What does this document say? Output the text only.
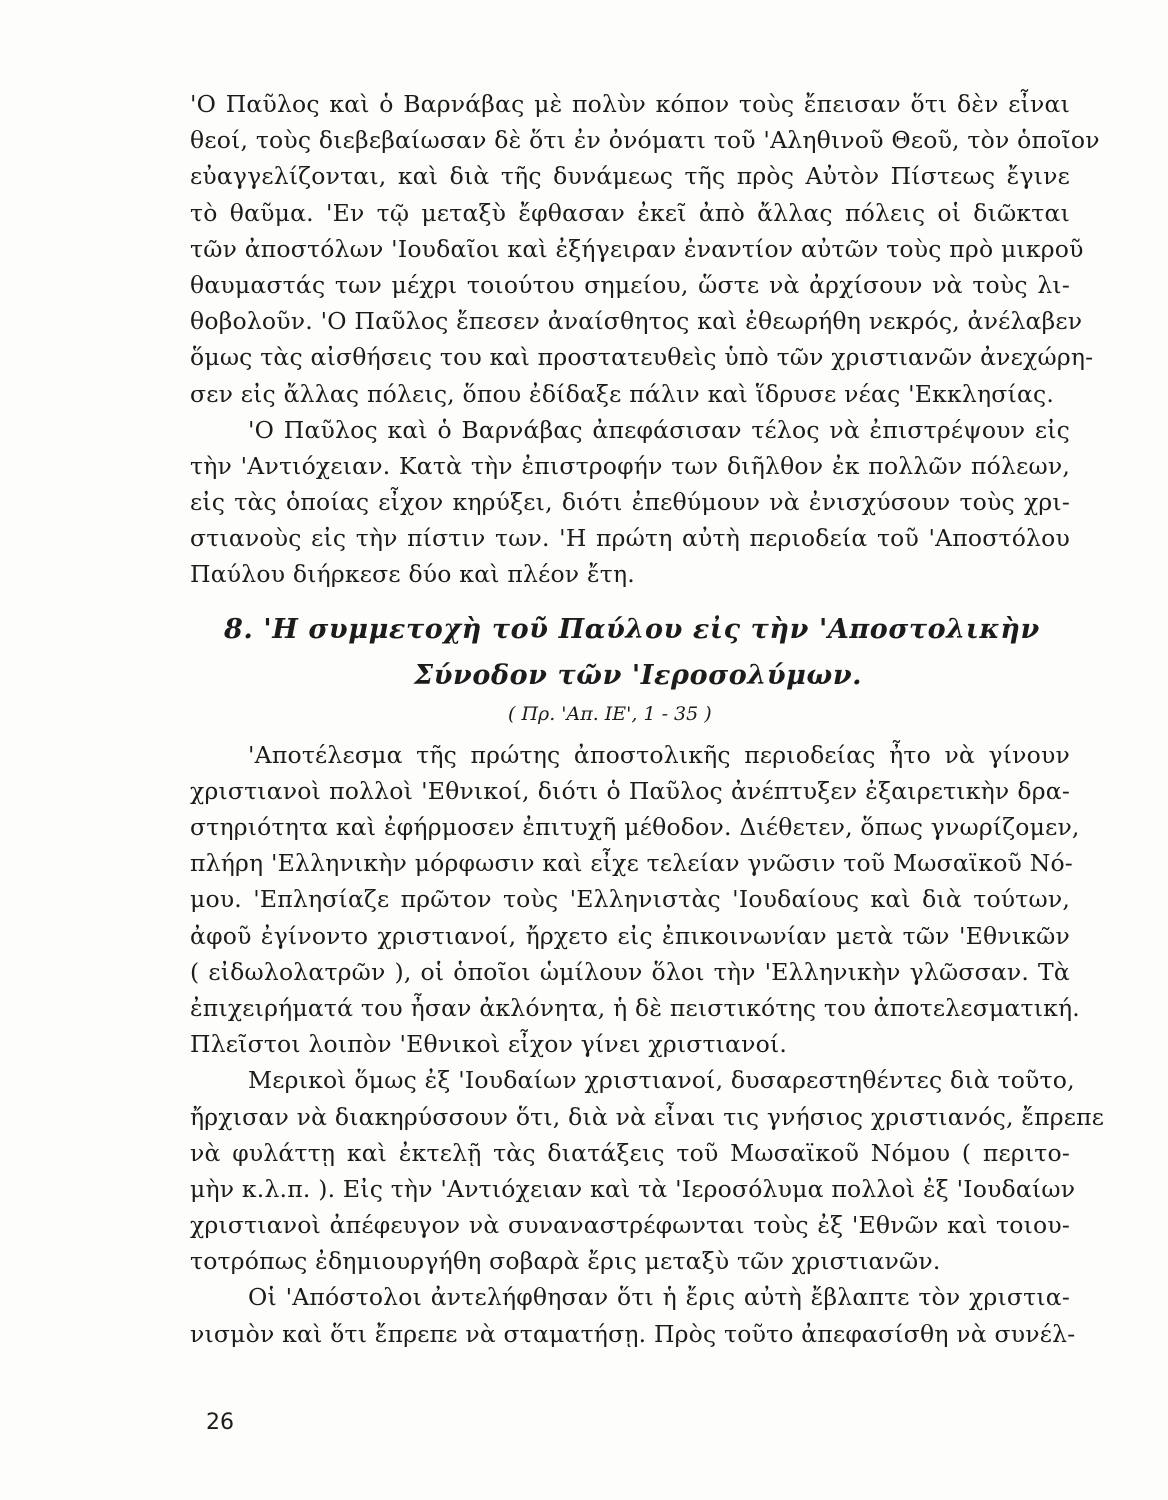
'Ο Παῦλος καὶ ὁ Βαρνάβας μὲ πολὺν κόπον τοὺς ἔπεισαν ὅτι δὲν εἶναι
θεοί, τοὺς διεβεβαίωσαν δὲ ὅτι ἐν ὀνόματι τοῦ 'Αληθινοῦ Θεοῦ, τὸν ὁποῖον
εὐαγγελίζονται, καὶ διὰ τῆς δυνάμεως τῆς πρὸς Αὐτὸν Πίστεως ἔγινε
τὸ θαῦμα. 'Εν τῷ μεταξὺ ἔφθασαν ἐκεῖ ἀπὸ ἄλλας πόλεις οἱ διῶκται
τῶν ἀποστόλων 'Ιουδαῖοι καὶ ἐξήγειραν ἐναντίον αὐτῶν τοὺς πρὸ μικροῦ
θαυμαστάς των μέχρι τοιούτου σημείου, ὥστε νὰ ἀρχίσουν νὰ τοὺς λι-
θοβολοῦν. 'Ο Παῦλος ἔπεσεν ἀναίσθητος καὶ ἐθεωρήθη νεκρός, ἀνέλαβεν
ὅμως τὰς αἰσθήσεις του καὶ προστατευθεὶς ὑπὸ τῶν χριστιανῶν ἀνεχώρη-
σεν εἰς ἄλλας πόλεις, ὅπου ἐδίδαξε πάλιν καὶ ἵδρυσε νέας 'Εκκλησίας.
'Ο Παῦλος καὶ ὁ Βαρνάβας ἀπεφάσισαν τέλος νὰ ἐπιστρέψουν εἰς
τὴν 'Αντιόχειαν. Κατὰ τὴν ἐπιστροφήν των διῆλθον ἐκ πολλῶν πόλεων,
εἰς τὰς ὁποίας εἶχον κηρύξει, διότι ἐπεθύμουν νὰ ἐνισχύσουν τοὺς χρι-
στιανοὺς εἰς τὴν πίστιν των. 'Η πρώτη αὐτὴ περιοδεία τοῦ 'Αποστόλου
Παύλου διήρκεσε δύο καὶ πλέον ἔτη.
8. 'Η συμμετοχὴ τοῦ Παύλου εἰς τὴν 'Αποστολικὴν
Σύνοδον τῶν 'Ιεροσολύμων.
( Πρ. 'Απ. ΙΕ', 1 - 35 )
'Αποτέλεσμα τῆς πρώτης ἀποστολικῆς περιοδείας ἦτο νὰ γίνουν
χριστιανοὶ πολλοὶ 'Εθνικοί, διότι ὁ Παῦλος ἀνέπτυξεν ἐξαιρετικὴν δρα-
στηριότητα καὶ ἐφήρμοσεν ἐπιτυχῆ μέθοδον. Διέθετεν, ὅπως γνωρίζομεν,
πλήρη 'Ελληνικὴν μόρφωσιν καὶ εἶχε τελείαν γνῶσιν τοῦ Μωσαϊκοῦ Νό-
μου. 'Επλησίαζε πρῶτον τοὺς 'Ελληνιστὰς 'Ιουδαίους καὶ διὰ τούτων,
ἀφοῦ ἐγίνοντο χριστιανοί, ἤρχετο εἰς ἐπικοινωνίαν μετὰ τῶν 'Εθνικῶν
( εἰδωλολατρῶν ), οἱ ὁποῖοι ὡμίλουν ὅλοι τὴν 'Ελληνικὴν γλῶσσαν. Τὰ
ἐπιχειρήματά του ἦσαν ἀκλόνητα, ἡ δὲ πειστικότης του ἀποτελεσματική.
Πλεῖστοι λοιπὸν 'Εθνικοὶ εἶχον γίνει χριστιανοί.
Μερικοὶ ὅμως ἐξ 'Ιουδαίων χριστιανοί, δυσαρεστηθέντες διὰ τοῦτο,
ἤρχισαν νὰ διακηρύσσουν ὅτι, διὰ νὰ εἶναι τις γνήσιος χριστιανός, ἔπρεπε
νὰ φυλάττῃ καὶ ἐκτελῇ τὰς διατάξεις τοῦ Μωσαϊκοῦ Νόμου ( περιτο-
μὴν κ.λ.π. ). Εἰς τὴν 'Αντιόχειαν καὶ τὰ 'Ιεροσόλυμα πολλοὶ ἐξ 'Ιουδαίων
χριστιανοὶ ἀπέφευγον νὰ συναναστρέφωνται τοὺς ἐξ 'Εθνῶν καὶ τοιου-
τοτρόπως ἐδημιουργήθη σοβαρὰ ἔρις μεταξὺ τῶν χριστιανῶν.
Οἱ 'Απόστολοι ἀντελήφθησαν ὅτι ἡ ἔρις αὐτὴ ἔβλαπτε τὸν χριστια-
νισμὸν καὶ ὅτι ἔπρεπε νὰ σταματήσῃ. Πρὸς τοῦτο ἀπεφασίσθη νὰ συνέλ-
26
